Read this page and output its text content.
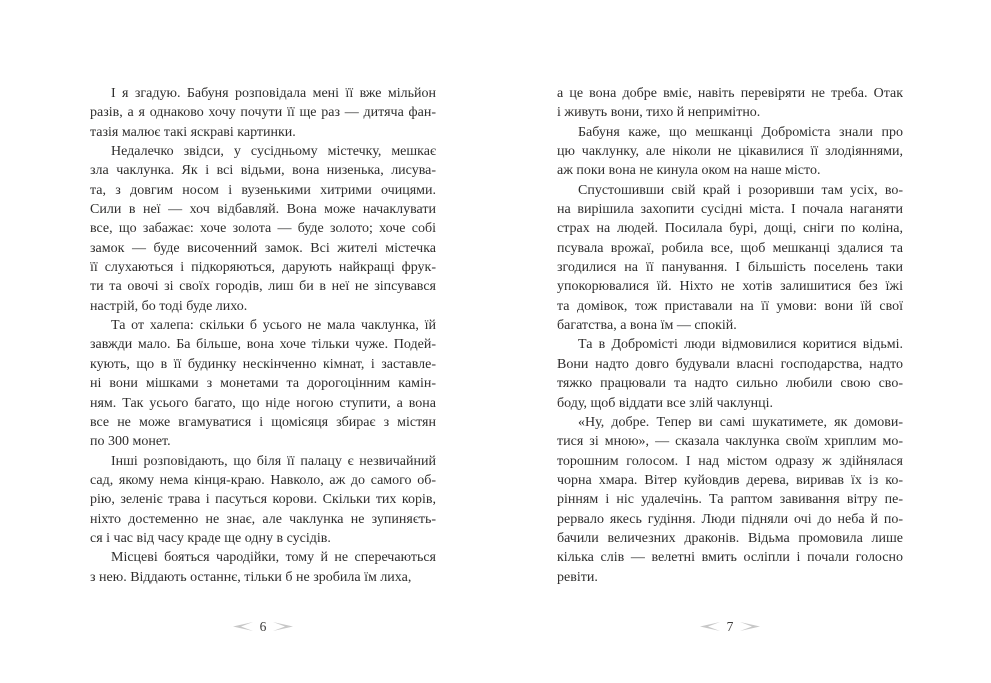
І я згадую. Бабуня розповідала мені її вже мільйон
разів, а я однаково хочу почути її ще раз — дитяча фан-
тазія малює такі яскраві картинки.
Недалечко звідси, у сусідньому містечку, мешкає
зла чаклунка. Як і всі відьми, вона низенька, лисува-
та, з довгим носом і вузенькими хитрими очицями.
Сили в неї — хоч відбавляй. Вона може начаклувати
все, що забажає: хоче золота — буде золото; хоче собі
замок — буде височенний замок. Всі жителі містечка
її слухаються і підкоряються, дарують найкращі фрук-
ти та овочі зі своїх городів, лиш би в неї не зіпсувався
настрій, бо тоді буде лихо.
Та от халепа: скільки б усього не мала чаклунка, їй
завжди мало. Ба більше, вона хоче тільки чуже. Подей-
кують, що в її будинку нескінченно кімнат, і заставле-
ні вони мішками з монетами та дорогоцінним камін-
ням. Так усього багато, що ніде ногою ступити, а вона
все не може вгамуватися і щомісяця збирає з містян
по 300 монет.
Інші розповідають, що біля її палацу є незвичайний
сад, якому нема кінця-краю. Навколо, аж до самого об-
рію, зеленіє трава і пасуться корови. Скільки тих корів,
ніхто достеменно не знає, але чаклунка не зупиняєть-
ся і час від часу краде ще одну в сусідів.
Місцеві бояться чародійки, тому й не сперечаються
з нею. Віддають останнє, тільки б не зробила їм лиха,
6
а це вона добре вміє, навіть перевіряти не треба. Отак
і живуть вони, тихо й непримітно.
Бабуня каже, що мешканці Доброміста знали про
цю чаклунку, але ніколи не цікавилися її злодіяннями,
аж поки вона не кинула оком на наше місто.
Спустошивши свій край і розоривши там усіх, во-
на вирішила захопити сусідні міста. І почала наганяти
страх на людей. Посилала бурі, дощі, сніги по коліна,
псувала врожаї, робила все, щоб мешканці здалися та
згодилися на її панування. І більшість поселень таки
упокорювалися їй. Ніхто не хотів залишитися без їжі
та домівок, тож приставали на її умови: вони їй свої
багатства, а вона їм — спокій.
Та в Добромісті люди відмовилися коритися відьмі.
Вони надто довго будували власні господарства, надто
тяжко працювали та надто сильно любили свою сво-
боду, щоб віддати все злій чаклунці.
«Ну, добре. Тепер ви самі шукатимете, як домови-
тися зі мною», — сказала чаклунка своїм хриплим мо-
торошним голосом. І над містом одразу ж здійнялася
чорна хмара. Вітер куйовдив дерева, виривав їх із ко-
рінням і ніс удалечінь. Та раптом завивання вітру пе-
рервало якесь гудіння. Люди підняли очі до неба й по-
бачили величезних драконів. Відьма промовила лише
кілька слів — велетні вмить осліпли і почали голосно
ревіти.
7
